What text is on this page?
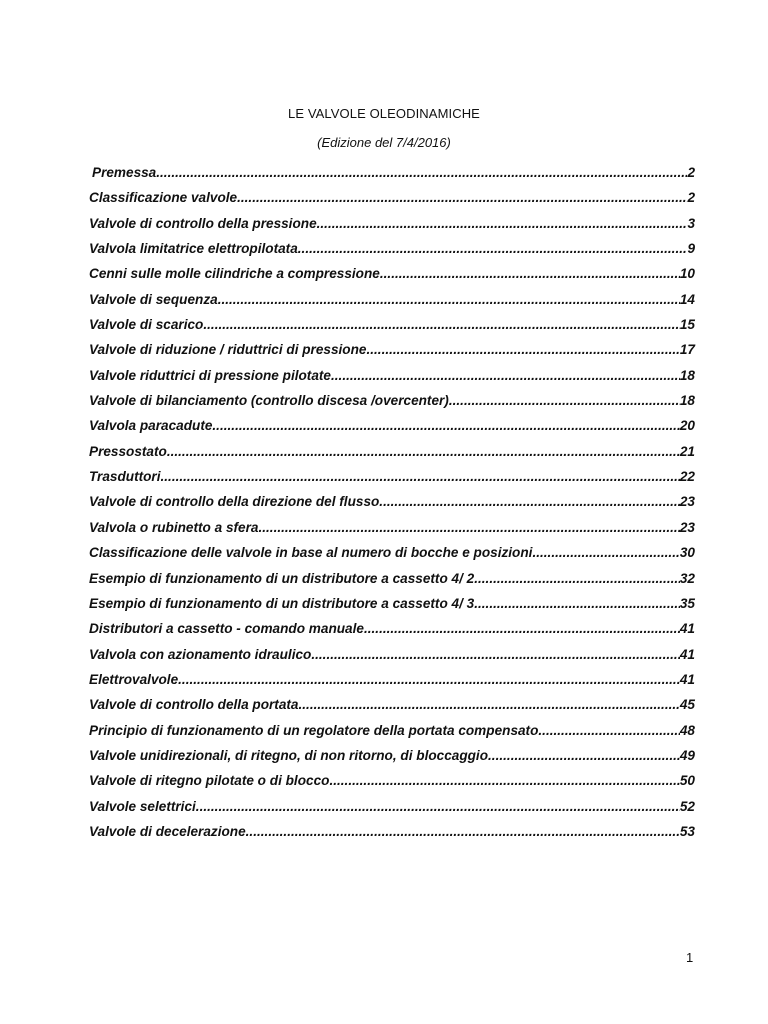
LE VALVOLE OLEODINAMICHE
(Edizione del 7/4/2016)
Premessa .....	2
Classificazione valvole .....	2
Valvole di controllo della pressione. .....	3
Valvola limitatrice elettropilotata .....	9
Cenni sulle molle cilindriche a compressione .....	10
Valvole di sequenza .....	14
Valvole di scarico .....	15
Valvole di riduzione / riduttrici di pressione .....	17
Valvole riduttrici di pressione pilotate .....	18
Valvole di bilanciamento (controllo discesa /overcenter) .....	18
Valvola paracadute .....	20
Pressostato .....	21
Trasduttori .....	22
Valvole di controllo della direzione del flusso. .....	23
Valvola o rubinetto a sfera .....	23
Classificazione delle valvole in base al numero di bocche e posizioni .....	30
Esempio di funzionamento di un distributore a cassetto 4/ 2. .....	32
Esempio di funzionamento di un distributore a cassetto 4/ 3. .....	35
Distributori a cassetto - comando manuale .....	41
Valvola con azionamento idraulico .....	41
Elettrovalvole .....	41
Valvole di controllo della portata .....	45
Principio di funzionamento di un regolatore della portata compensato. .....	48
Valvole unidirezionali, di ritegno, di non ritorno, di bloccaggio .....	49
Valvole di ritegno pilotate o di blocco .....	50
Valvole selettrici .....	52
Valvole di decelerazione .....	53
1
